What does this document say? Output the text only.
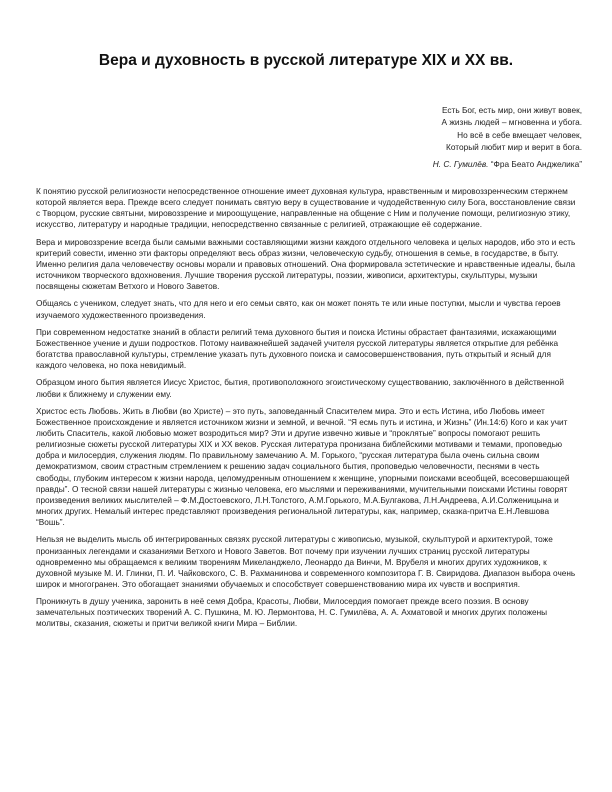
Вера и духовность в русской литературе XIX и XX вв.
Есть Бог, есть мир, они живут вовек,
А жизнь людей – мгновенна и убога.
Но всё в себе вмещает человек,
Который любит мир и верит в бога.
Н. С. Гумилёв. “Фра Беато Анджелика”

К понятию русской религиозности непосредственное отношение имеет духовная культура, нравственным и мировоззренческим стержнем которой является вера. Прежде всего следует понимать святую веру в существование и чудодейственную силу Бога, восстановление связи с Творцом, русские святыни, мировоззрение и мироощущение, направленные на общение с Ним и получение помощи, религиозную этику, искусство, литературу и народные традиции, непосредственно связанные с религией, отражающие её содержание.

Вера и мировоззрение всегда были самыми важными составляющими жизни каждого отдельного человека и целых народов, ибо это и есть критерий совести, именно эти факторы определяют весь образ жизни, человеческую судьбу, отношения в семье, в государстве, в быту. Именно религия дала человечеству основы морали и правовых отношений. Она формировала эстетические и нравственные идеалы, была источником творческого вдохновения. Лучшие творения русской литературы, поэзии, живописи, архитектуры, скульптуры, музыки посвящены сюжетам Ветхого и Нового Заветов.

Общаясь с учеником, следует знать, что для него и его семьи свято, как он может понять те или иные поступки, мысли и чувства героев изучаемого художественного произведения.

При современном недостатке знаний в области религий тема духовного бытия и поиска Истины обрастает фантазиями, искажающими Божественное учение и души подростков. Потому наиважнейшей задачей учителя русской литературы является открытие для ребёнка богатства православной культуры, стремление указать путь духовного поиска и самосовершенствования, путь открытый и ясный для каждого человека, но пока невидимый.

Образцом иного бытия является Иисус Христос, бытия, противоположного эгоистическому существованию, заключённого в действенной любви к ближнему и служении ему.

Христос есть Любовь. Жить в Любви (во Христе) – это путь, заповеданный Спасителем мира. Это и есть Истина, ибо Любовь имеет Божественное происхождение и является источником жизни и земной, и вечной. “Я есмь путь и истина, и Жизнь” (Ин.14:6) Кого и как учит любить Спаситель, какой любовью может возродиться мир? Эти и другие извечно живые и “проклятые” вопросы помогают решить религиозные сюжеты русской литературы XIX и XX веков. Русская литература пронизана библейскими мотивами и темами, проповедью добра и милосердия, служения людям. По правильному замечанию А. М. Горького, “русская литература была очень сильна своим демократизмом, своим страстным стремлением к решению задач социального бытия, проповедью человечности, песнями в честь свободы, глубоким интересом к жизни народа, целомудренным отношением к женщине, упорными поисками всеобщей, всесовершающей правды”. О тесной связи нашей литературы с жизнью человека, его мыслями и переживаниями, мучительными поисками Истины говорят произведения великих мыслителей – Ф.М.Достоевского, Л.Н.Толстого, А.М.Горького, М.А.Булгакова, Л.Н.Андреева, А.И.Солженицына и многих других. Немалый интерес представляют произведения региональной литературы, как, например, сказка-притча Е.Н.Левшова “Вошь”.

Нельзя не выделить мысль об интегрированных связях русской литературы с живописью, музыкой, скульптурой и архитектурой, тоже пронизанных легендами и сказаниями Ветхого и Нового Заветов. Вот почему при изучении лучших страниц русской литературы одновременно мы обращаемся к великим творениям Микеланджело, Леонардо да Винчи, М. Врубеля и многих других художников, к духовной музыке М. И. Глинки, П. И. Чайковского, С. В. Рахманинова и современного композитора Г. В. Свиридова. Диапазон выбора очень широк и многогранен. Это обогащает знаниями обучаемых и способствует совершенствованию мира их чувств и восприятия.

Проникнуть в душу ученика, заронить в неё семя Добра, Красоты, Любви, Милосердия помогает прежде всего поэзия. В основу замечательных поэтических творений А. С. Пушкина, М. Ю. Лермонтова, Н. С. Гумилёва, А. А. Ахматовой и многих других положены молитвы, сказания, сюжеты и притчи великой книги Мира – Библии.
